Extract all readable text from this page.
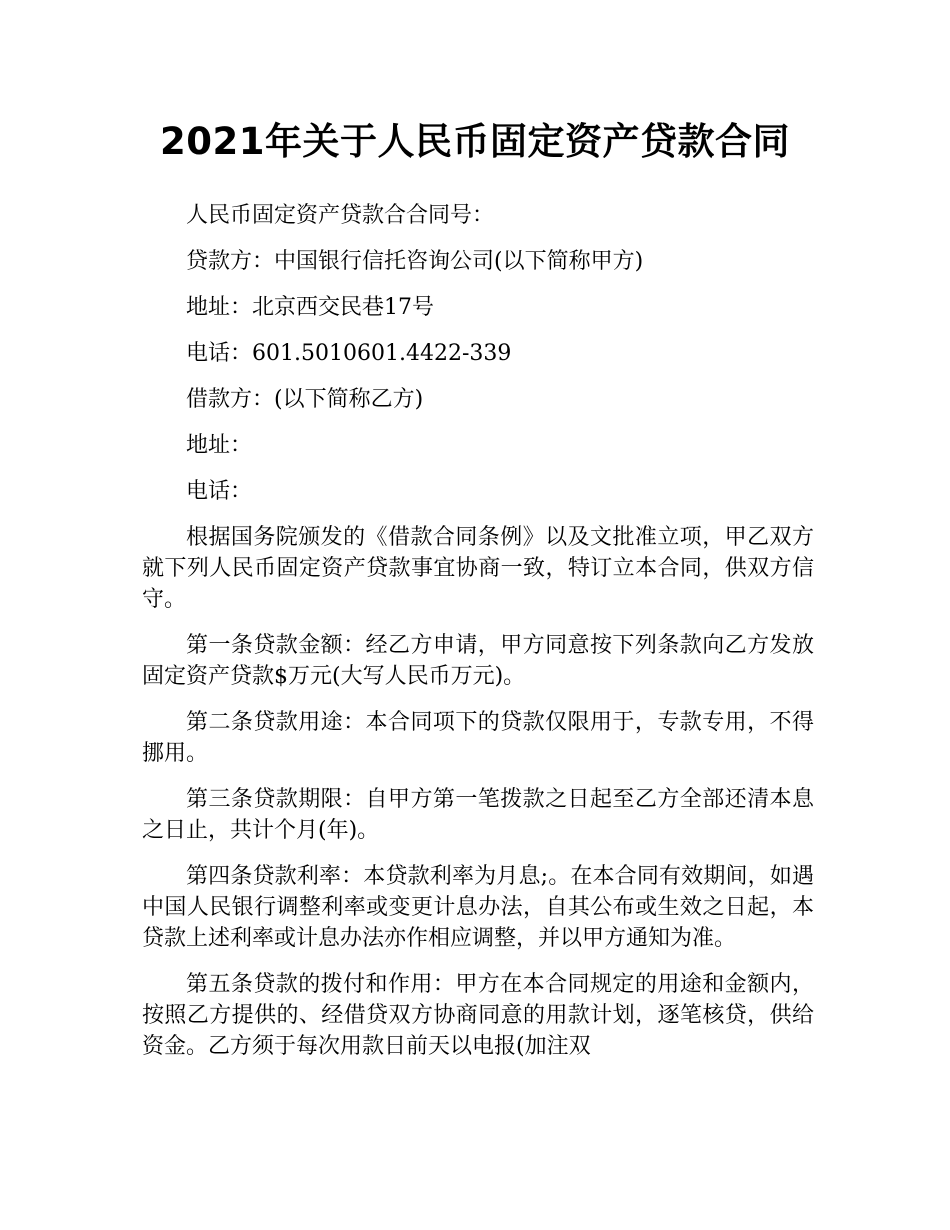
2021年关于人民币固定资产贷款合同

人民币固定资产贷款合合同号：

贷款方：中国银行信托咨询公司(以下简称甲方)

地址：北京西交民巷17号

电话：601.5010601.4422-339

借款方：(以下简称乙方)

地址：

电话：

根据国务院颁发的《借款合同条例》以及文批准立项，甲乙双方就下列人民币固定资产贷款事宜协商一致，特订立本合同，供双方信守。

第一条贷款金额：经乙方申请，甲方同意按下列条款向乙方发放固定资产贷款$万元(大写人民币万元)。

第二条贷款用途：本合同项下的贷款仅限用于，专款专用，不得挪用。

第三条贷款期限：自甲方第一笔拨款之日起至乙方全部还清本息之日止，共计个月(年)。

第四条贷款利率：本贷款利率为月息;。在本合同有效期间，如遇中国人民银行调整利率或变更计息办法，自其公布或生效之日起，本贷款上述利率或计息办法亦作相应调整，并以甲方通知为准。

第五条贷款的拨付和作用：甲方在本合同规定的用途和金额内，按照乙方提供的、经借贷双方协商同意的用款计划，逐笔核贷，供给资金。乙方须于每次用款日前天以电报(加注双
